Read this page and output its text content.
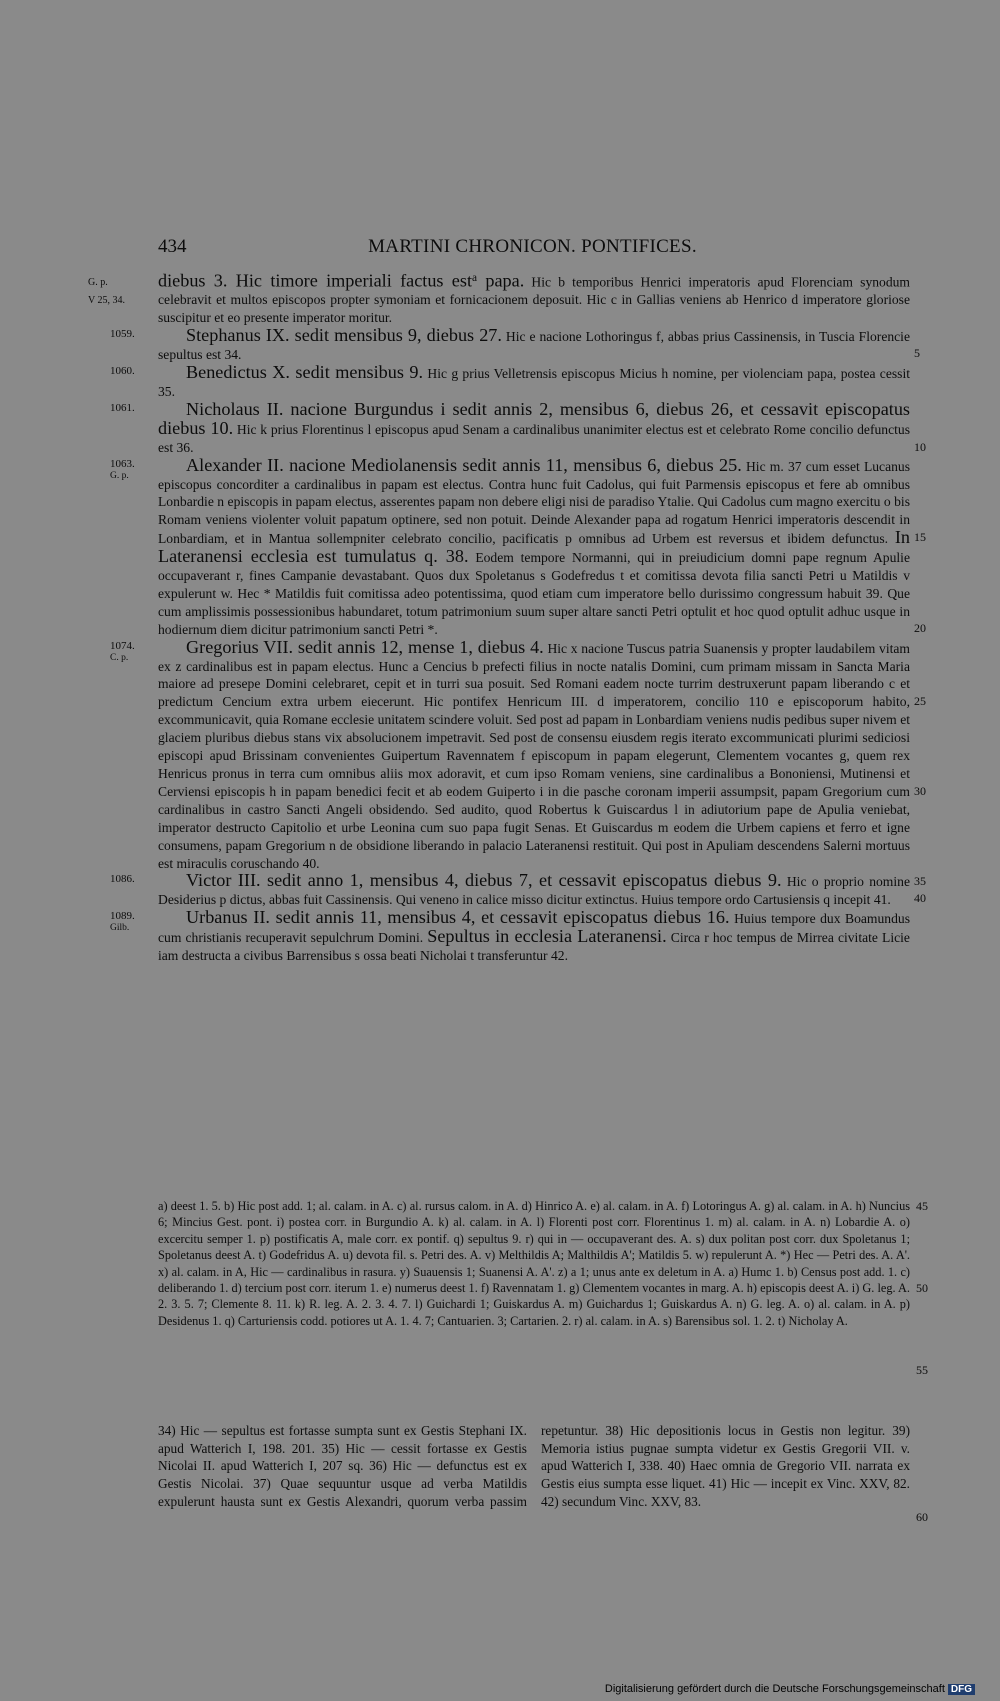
434	MARTINI CHRONICON. PONTIFICES.
G. p.
V 25, 34.
diebus 3. Hic timore imperiali factus est$^a$ papa. Hic b temporibus Henrici imperatoris apud Florenciam synodum celebravit et multos episcopos propter symoniam et fornicacionem deposuit. Hic c in Gallias veniens ab Henrico d imperatore gloriose suscipitur et eo presente imperator moritur.
1059.	Stephanus IX. sedit mensibus 9, diebus 27. Hic e nacione Lothoringus f, abbas prius Cassinensis, in Tuscia Florencie sepultus est 34.	5
1060.	Benedictus X. sedit mensibus 9. Hic g prius Velletrensis episcopus Micius h nomine, per violenciam papa, postea cessit 35.
1061.	Nicholaus II. nacione Burgundus i sedit annis 2, mensibus 6, diebus 26, et cessavit episcopatus diebus 10. Hic k prius Florentinus l episcopus apud Senam a cardinalibus unanimiter electus est et celebrato Rome concilio defunctus est 36.	10
1063.
G. p.
Alexander II. nacione Mediolanensis sedit annis 11, mensibus 6, diebus 25. Hic m. 37 cum esset Lucanus episcopus concorditer a cardinalibus in papam est electus. Contra hunc fuit Cadolus, qui fuit Parmensis episcopus et fere ab omnibus Lonbardie n episcopis in papam electus, asserentes papam non debere eligi nisi de paradiso Ytalie. Qui Cadolus cum magno exercitu o bis Romam veniens violenter voluit papatum optinere, sed non potuit. Deinde Alexander papa ad rogatum Henrici imperatoris descendit in Lonbardiam, et in Mantua sollempniter celebrato concilio, pacificatis p omnibus ad Urbem est reversus et ibidem defunctus. In Lateranensi ecclesia est tumulatus q. 38. Eodem tempore Normanni, qui in preiudicium domni pape regnum Apulie occupaverant r, fines Campanie devastabant. Quos dux Spoletanus s Godefredus t et comitissa devota filia sancti Petri u Matildis v expulerunt w. Hec * Matildis fuit comitissa adeo potentissima, quod etiam cum imperatore bello durissimo congressum habuit 39. Que cum amplissimis possessionibus habundaret, totum patrimonium suum super altare sancti Petri optulit et hoc quod optulit adhuc usque in hodiernum diem dicitur patrimonium sancti Petri *.
15
20
1074.
C. p.
Gregorius VII. sedit annis 12, mense 1, diebus 4. Hic x nacione Tuscus patria Suanensis y propter laudabilem vitam ex z cardinalibus est in papam electus. Hunc a Cencius b prefecti filius in nocte natalis Domini, cum primam missam in Sancta Maria maiore ad presepe Domini celebraret, cepit et in turri sua posuit. Sed Romani eadem nocte turrim destruxerunt papam liberando c et predictum Cencium extra urbem eiecerunt. Hic pontifex Henricum III. d imperatorem, concilio 110 e episcoporum habito, excommunicavit, quia Romane ecclesie unitatem scindere voluit. Sed post ad papam in Lonbardiam veniens nudis pedibus super nivem et glaciem pluribus diebus stans vix absolucionem impetravit. Sed post de consensu eiusdem regis iterato excommunicati plurimi sediciosi episcopi apud Brissinam convenientes Guipertum Ravennatem f episcopum in papam elegerunt, Clementem vocantes g, quem rex Henricus pronus in terra cum omnibus aliis mox adoravit, et cum ipso Romam veniens, sine cardinalibus a Bononiensi, Mutinensi et Cerviensi episcopis h in papam benedici fecit et ab eodem Guiperto i in die pasche coronam imperii assumpsit, papam Gregorium cum cardinalibus in castro Sancti Angeli obsidendo. Sed audito, quod Robertus k Guiscardus l in adiutorium pape de Apulia veniebat, imperator destructo Capitolio et urbe Leonina cum suo papa fugit Senas. Et Guiscardus m eodem die Urbem capiens et ferro et igne consumens, papam Gregorium n de obsidione liberando in palacio Lateranensi restituit. Qui post in Apuliam descendens Salerni mortuus est miraculis coruschando 40.
25
30
35
1086.	Victor III. sedit anno 1, mensibus 4, diebus 7, et cessavit episcopatus diebus 9. Hic o proprio nomine Desiderius p dictus, abbas fuit Cassinensis. Qui veneno in calice misso dicitur extinctus. Huius tempore ordo Cartusiensis q incepit 41. 40
1089.
Gilb.
Urbanus II. sedit annis 11, mensibus 4, et cessavit episcopatus diebus 16. Huius tempore dux Boamundus cum christianis recuperavit sepulchrum Domini. Sepultus in ecclesia Lateranensi. Circa r hoc tempus de Mirrea civitate Licie iam destructa a civibus Barrensibus s ossa beati Nicholai t transferuntur 42.
a) deest 1. 5. b) Hic post add. 1; al. calam. in A. c) al. rursus calom. in A. d) Hinrico A. e) al. calam. in A. f) Lotoringus A. g) al. calam. in A. h) Nuncius 6; Mincius Gest. pont. i) postea corr. in Burgundio A. k) al. calam. in A. l) Florenti post corr. Florentinus 1. m) al. calam. in A. n) Lobardie A. o) excercitu semper 1. p) postificatis A, male corr. ex pontif. q) sepultus 9. r) qui in — occupaverant des. A. s) dux politan post corr. dux Spoletanus 1; Spoletanus deest A. t) Godefridus A. u) devota fil. s. Petri des. A. v) Melthildis A; Malthildis A'; Matildis 5. w) repulerunt A. *) Hec — Petri des. A. A'. x) al. calam. in A, Hic — cardinalibus in rasura. y) Suauensis 1; Suanensi A. A'. z) a 1; unus ante ex deletum in A. a) Humc 1. b) Census post add. 1. c) deliberando 1. d) tercium post corr. iterum 1. e) numerus deest 1. f) Ravennatam 1. g) Clementem vocantes in marg. A. h) episcopis deest A. i) G. leg. A. 2. 3. 5. 7; Clemente 8. 11. k) R. leg. A. 2. 3. 4. 7. l) Guichardi 1; Guiskardus A. m) Guichardus 1; Guiskardus A. n) G. leg. A. o) al. calam. in A. p) Desidenus 1. q) Carturiensis codd. potiores ut A. 1. 4. 7; Cantuarien. 3; Cartarien. 2. r) al. calam. in A. s) Barensibus sol. 1. 2. t) Nicholay A.
45
50
55
34) Hic — sepultus est fortasse sumpta sunt ex Gestis Stephani IX. apud Watterich I, 198. 201. 35) Hic — cessit fortasse ex Gestis Nicolai II. apud Watterich I, 207 sq. 36) Hic — defunctus est ex Gestis Nicolai. 37) Quae sequuntur usque ad verba Matildis expulerunt hausta sunt ex Gestis Alexandri, quorum verba passim repetuntur. 38) Hic depositionis locus in Gestis non legitur. 39) Memoria istius pugnae sumpta videtur ex Gestis Gregorii VII. v. apud Watterich I, 338. 40) Haec omnia de Gregorio VII. narrata ex Gestis eius sumpta esse liquet. 41) Hic — incepit ex Vinc. XXV, 82. 42) secundum Vinc. XXV, 83.
60
Digitalisierung gefördert durch die Deutsche Forschungsgemeinschaft DFG
